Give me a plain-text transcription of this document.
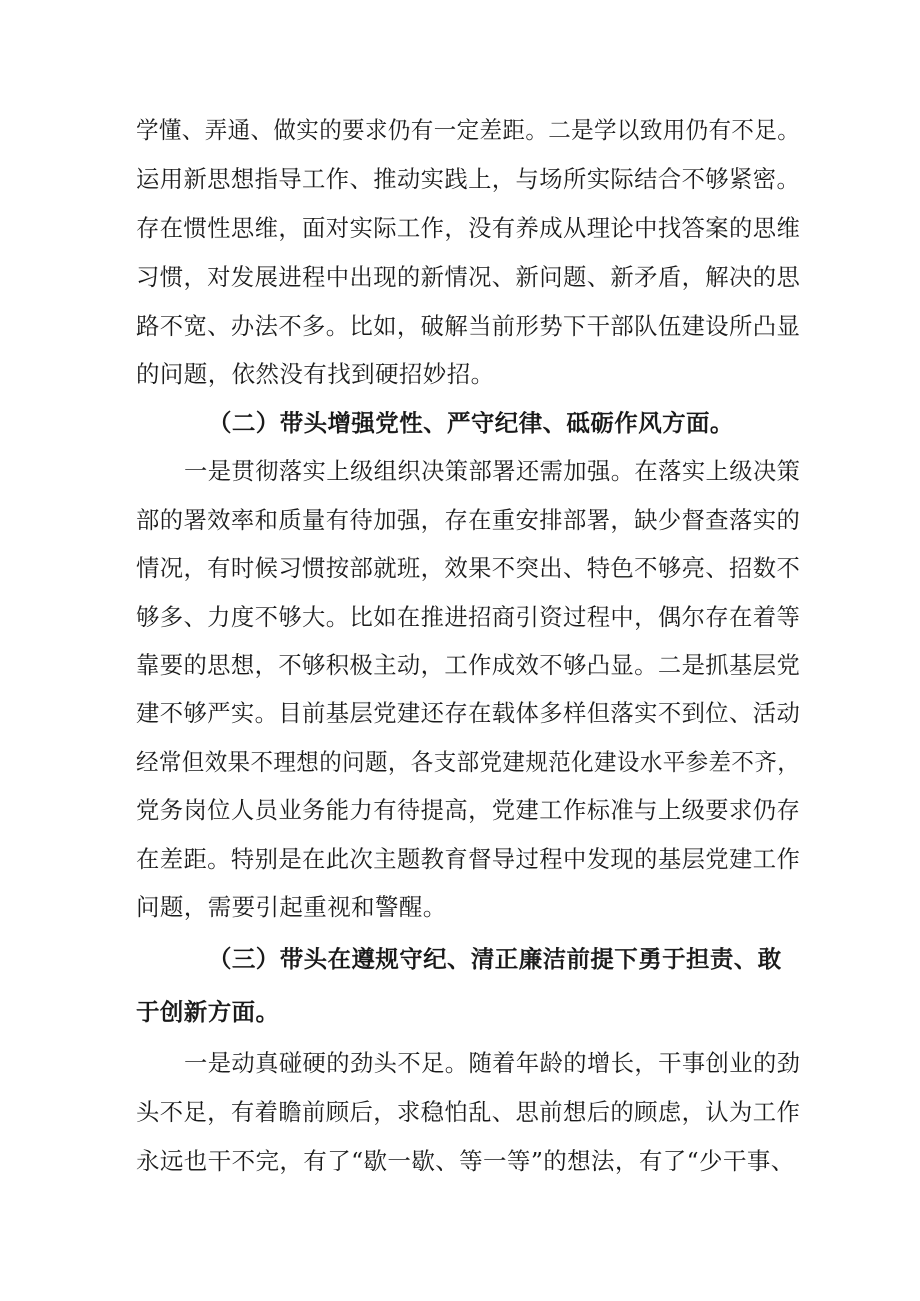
学懂、弄通、做实的要求仍有一定差距。二是学以致用仍有不足。
运用新思想指导工作、推动实践上，与场所实际结合不够紧密。
存在惯性思维，面对实际工作，没有养成从理论中找答案的思维
习惯，对发展进程中出现的新情况、新问题、新矛盾，解决的思
路不宽、办法不多。比如，破解当前形势下干部队伍建设所凸显
的问题，依然没有找到硬招妙招。
（二）带头增强党性、严守纪律、砥砺作风方面。
一是贯彻落实上级组织决策部署还需加强。在落实上级决策
部的署效率和质量有待加强，存在重安排部署，缺少督查落实的
情况，有时候习惯按部就班，效果不突出、特色不够亮、招数不
够多、力度不够大。比如在推进招商引资过程中，偶尔存在着等
靠要的思想，不够积极主动，工作成效不够凸显。二是抓基层党
建不够严实。目前基层党建还存在载体多样但落实不到位、活动
经常但效果不理想的问题，各支部党建规范化建设水平参差不齐，
党务岗位人员业务能力有待提高，党建工作标准与上级要求仍存
在差距。特别是在此次主题教育督导过程中发现的基层党建工作
问题，需要引起重视和警醒。
（三）带头在遵规守纪、清正廉洁前提下勇于担责、敢
于创新方面。
一是动真碰硬的劲头不足。随着年龄的增长，干事创业的劲
头不足，有着瞻前顾后，求稳怕乱、思前想后的顾虑，认为工作
永远也干不完，有了“歇一歇、等一等”的想法，有了“少干事、
